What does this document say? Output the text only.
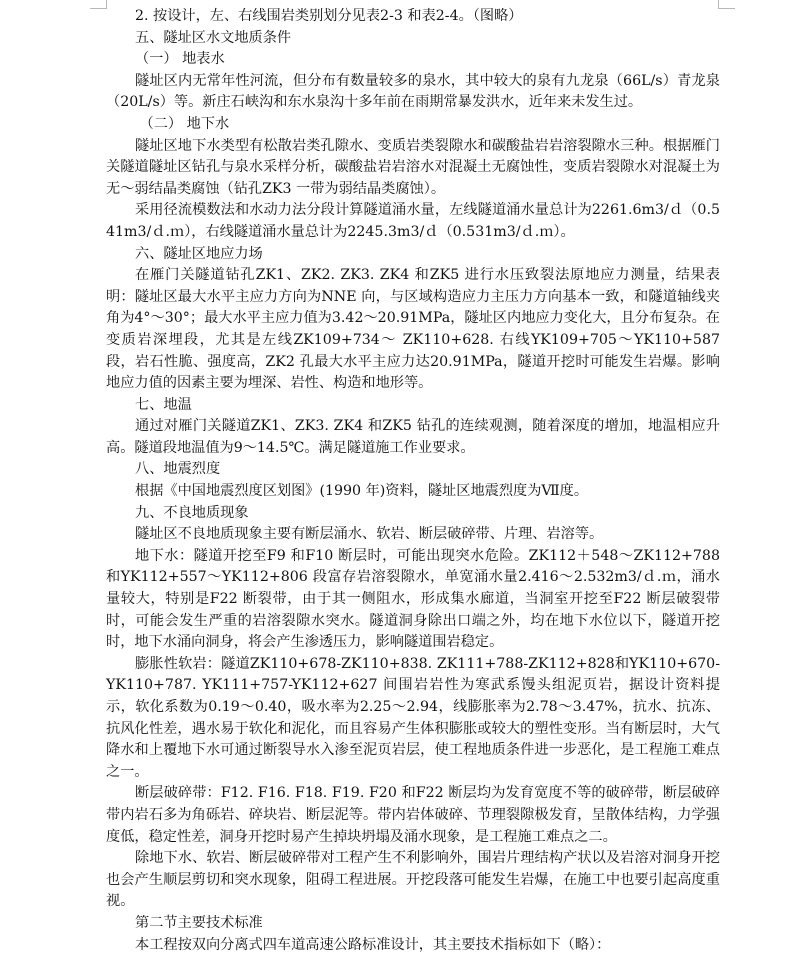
2. 按设计，左、右线围岩类别划分见表2-3 和表2-4。（图略）

五、隧址区水文地质条件

（一） 地表水

隧址区内无常年性河流，但分布有数量较多的泉水，其中较大的泉有九龙泉（66L/s）青龙泉（20L/s）等。新庄石峡沟和东水泉沟十多年前在雨期常暴发洪水，近年来未发生过。

（二） 地下水

隧址区地下水类型有松散岩类孔隙水、变质岩类裂隙水和碳酸盐岩岩溶裂隙水三种。根据雁门关隧道隧址区钻孔与泉水采样分析，碳酸盐岩岩溶水对混凝土无腐蚀性，变质岩裂隙水对混凝土为无～弱结晶类腐蚀（钻孔ZK3 一带为弱结晶类腐蚀）。

采用径流模数法和水动力法分段计算隧道涌水量，左线隧道涌水量总计为2261.6m3/ｄ（0.541m3/ｄ.ｍ），右线隧道涌水量总计为2245.3m3/ｄ（0.531m3/ｄ.ｍ）。

六、隧址区地应力场

在雁门关隧道钻孔ZK1、ZK2. ZK3. ZK4 和ZK5 进行水压致裂法原地应力测量，结果表明：隧址区最大水平主应力方向为NNE 向，与区域构造应力主压力方向基本一致，和隧道轴线夹角为4°～30°；最大水平主应力值为3.42～20.91MPa，隧址区内地应力变化大，且分布复杂。在变质岩深埋段，尤其是左线ZK109+734～ ZK110+628. 右线YK109+705～YK110+587 段，岩石性脆、强度高，ZK2 孔最大水平主应力达20.91MPa，隧道开挖时可能发生岩爆。影响地应力值的因素主要为埋深、岩性、构造和地形等。

七、地温

通过对雁门关隧道ZK1、ZK3. ZK4 和ZK5 钻孔的连续观测，随着深度的增加，地温相应升高。隧道段地温值为9～14.5℃。满足隧道施工作业要求。

八、地震烈度

根据《中国地震烈度区划图》(1990 年)资料，隧址区地震烈度为Ⅶ度。

九、不良地质现象

隧址区不良地质现象主要有断层涌水、软岩、断层破碎带、片理、岩溶等。

地下水：隧道开挖至F9 和F10 断层时，可能出现突水危险。ZK112＋548～ZK112+788 和YK112+557～YK112+806 段富存岩溶裂隙水，单宽涌水量2.416～2.532m3/ｄ.ｍ，涌水量较大，特别是F22 断裂带，由于其一侧阻水，形成集水廊道，当洞室开挖至F22 断层破裂带时，可能会发生严重的岩溶裂隙水突水。隧道洞身除出口端之外，均在地下水位以下，隧道开挖时，地下水涌向洞身，将会产生渗透压力，影响隧道围岩稳定。

膨胀性软岩：隧道ZK110+678-ZK110+838. ZK111+788-ZK112+828和YK110+670-YK110+787. YK111+757-YK112+627 间围岩岩性为寒武系馒头组泥页岩，据设计资料提示，软化系数为0.19～0.40，吸水率为2.25～2.94，线膨胀率为2.78～3.47%，抗水、抗冻、抗风化性差，遇水易于软化和泥化，而且容易产生体积膨胀或较大的塑性变形。当有断层时，大气降水和上覆地下水可通过断裂导水入渗至泥页岩层，使工程地质条件进一步恶化，是工程施工难点之一。

断层破碎带：F12. F16. F18. F19. F20 和F22 断层均为发育宽度不等的破碎带，断层破碎带内岩石多为角砾岩、碎块岩、断层泥等。带内岩体破碎、节理裂隙极发育，呈散体结构，力学强度低，稳定性差，洞身开挖时易产生掉块坍塌及涌水现象，是工程施工难点之二。

除地下水、软岩、断层破碎带对工程产生不利影响外，围岩片理结构产状以及岩溶对洞身开挖也会产生顺层剪切和突水现象，阻碍工程进展。开挖段落可能发生岩爆，在施工中也要引起高度重视。

第二节主要技术标准

本工程按双向分离式四车道高速公路标准设计，其主要技术指标如下（略）：
